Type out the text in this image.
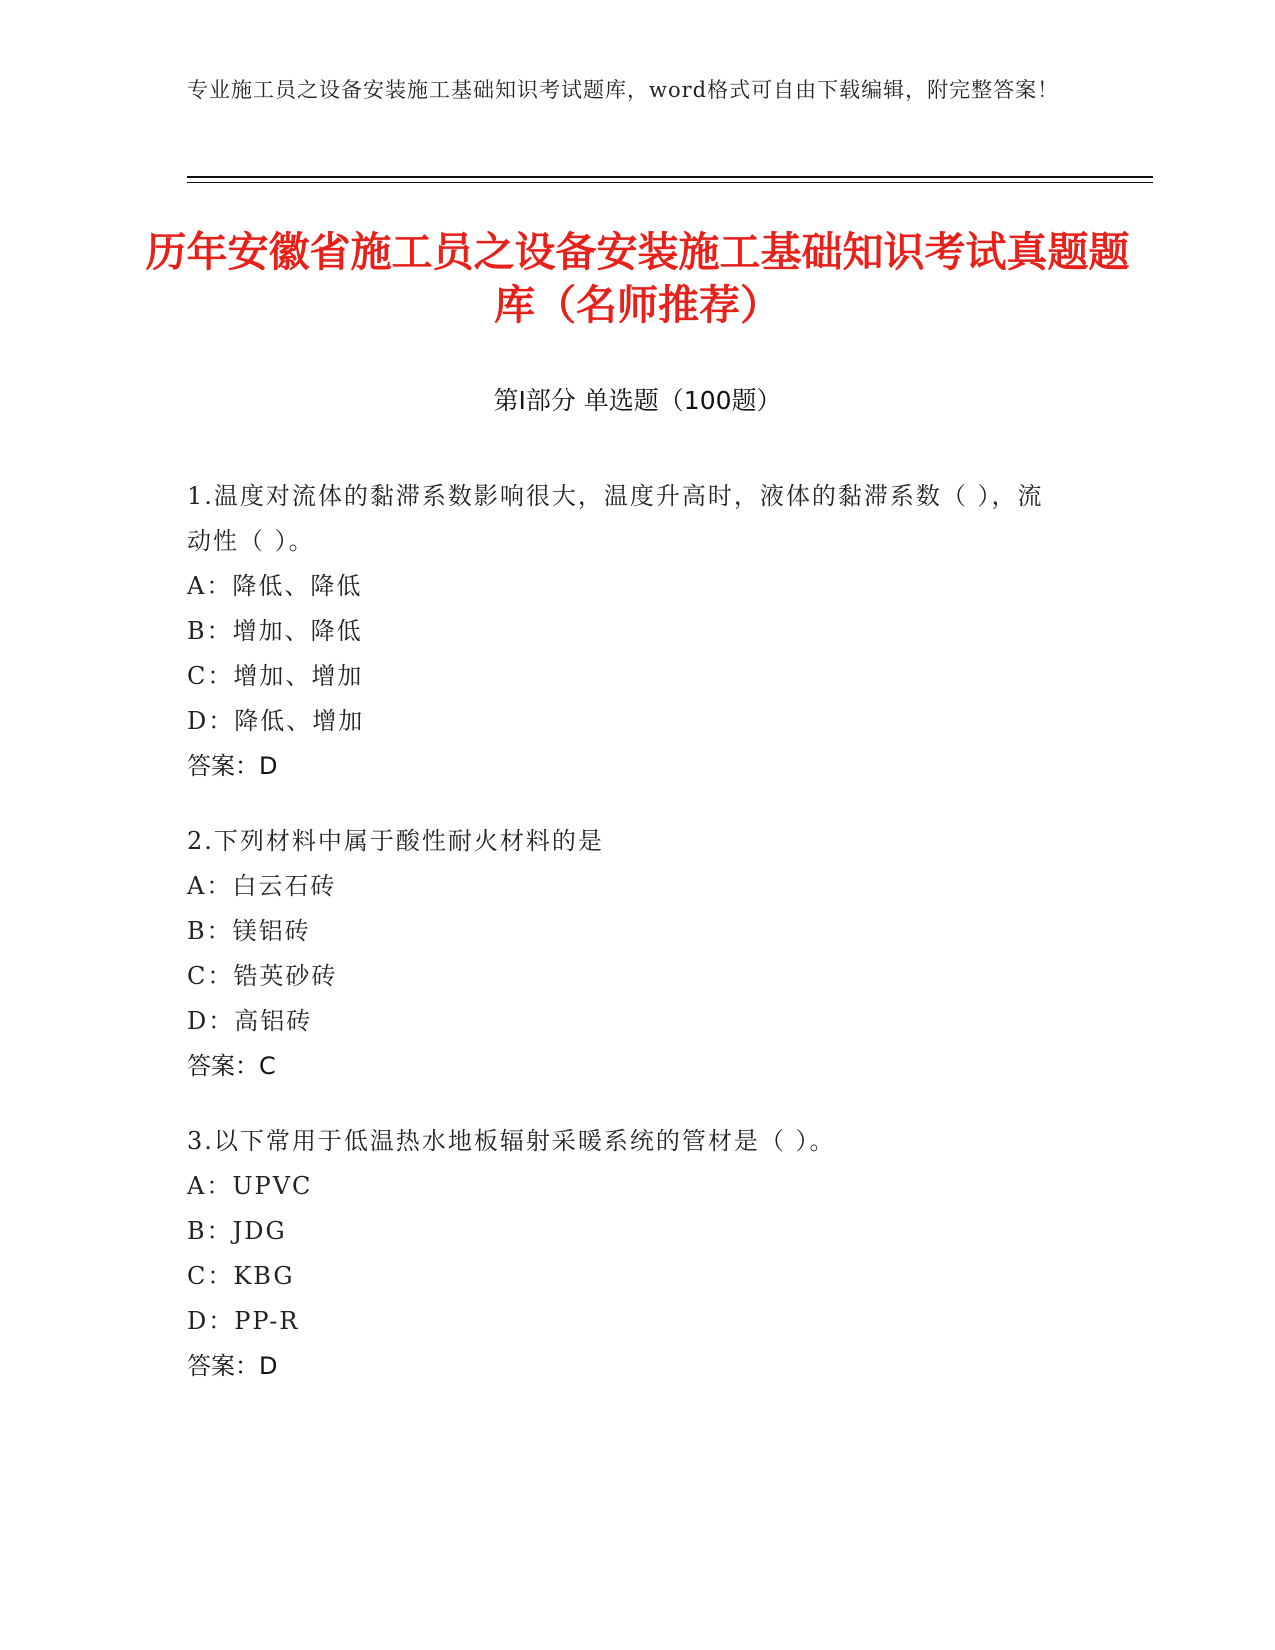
专业施工员之设备安装施工基础知识考试题库，word格式可自由下载编辑，附完整答案！
历年安徽省施工员之设备安装施工基础知识考试真题题库（名师推荐）
第Ⅰ部分 单选题（100题）
1.温度对流体的黏滞系数影响很大，温度升高时，液体的黏滞系数（ ），流动性（ ）。
A：降低、降低
B：增加、降低
C：增加、增加
D：降低、增加
答案：D
2.下列材料中属于酸性耐火材料的是
A：白云石砖
B：镁铝砖
C：锆英砂砖
D：高铝砖
答案：C
3.以下常用于低温热水地板辐射采暖系统的管材是（ ）。
A：UPVC
B：JDG
C：KBG
D：PP-R
答案：D
